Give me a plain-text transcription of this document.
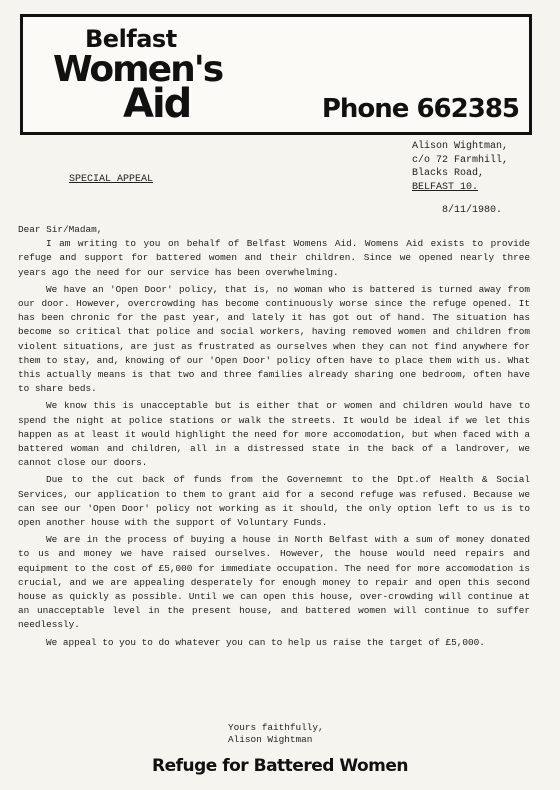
Belfast
Women's
Aid	Phone 662385
Alison Wightman,
c/o 72 Farmhill,
Blacks Road,
BELFAST 10.
SPECIAL APPEAL
8/11/1980.

Dear Sir/Madam,

I am writing to you on behalf of Belfast Womens Aid. Womens Aid exists to provide refuge and support for battered women and their children. Since we opened nearly three years ago the need for our service has been overwhelming.

We have an 'Open Door' policy, that is, no woman who is battered is turned away from our door. However, overcrowding has become continuously worse since the refuge opened. It has been chronic for the past year, and lately it has got out of hand. The situation has become so critical that police and social workers, having removed women and children from violent situations, are just as frustrated as ourselves when they can not find anywhere for them to stay, and, knowing of our 'Open Door' policy often have to place them with us. What this actually means is that two and three families already sharing one bedroom, often have to share beds.

We know this is unacceptable but is either that or women and children would have to spend the night at police stations or walk the streets. It would be ideal if we let this happen as at least it would highlight the need for more accomodation, but when faced with a battered woman and children, all in a distressed state in the back of a landrover, we cannot close our doors.

Due to the cut back of funds from the Governemnt to the Dpt.of Health & Social Services, our application to them to grant aid for a second refuge was refused. Because we can see our 'Open Door' policy not working as it should, the only option left to us is to open another house with the support of Voluntary Funds.

We are in the process of buying a house in North Belfast with a sum of money donated to us and money we have raised ourselves. However, the house would need repairs and equipment to the cost of £5,000 for immediate occupation. The need for more accomodation is crucial, and we are appealing desperately for enough money to repair and open this second house as quickly as possible. Until we can open this house, over-crowding will continue at an unacceptable level in the present house, and battered women will continue to suffer needlessly.

We appeal to you to do whatever you can to help us raise the target of £5,000.

Yours faithfully,
Alison Wightman
Refuge for Battered Women
